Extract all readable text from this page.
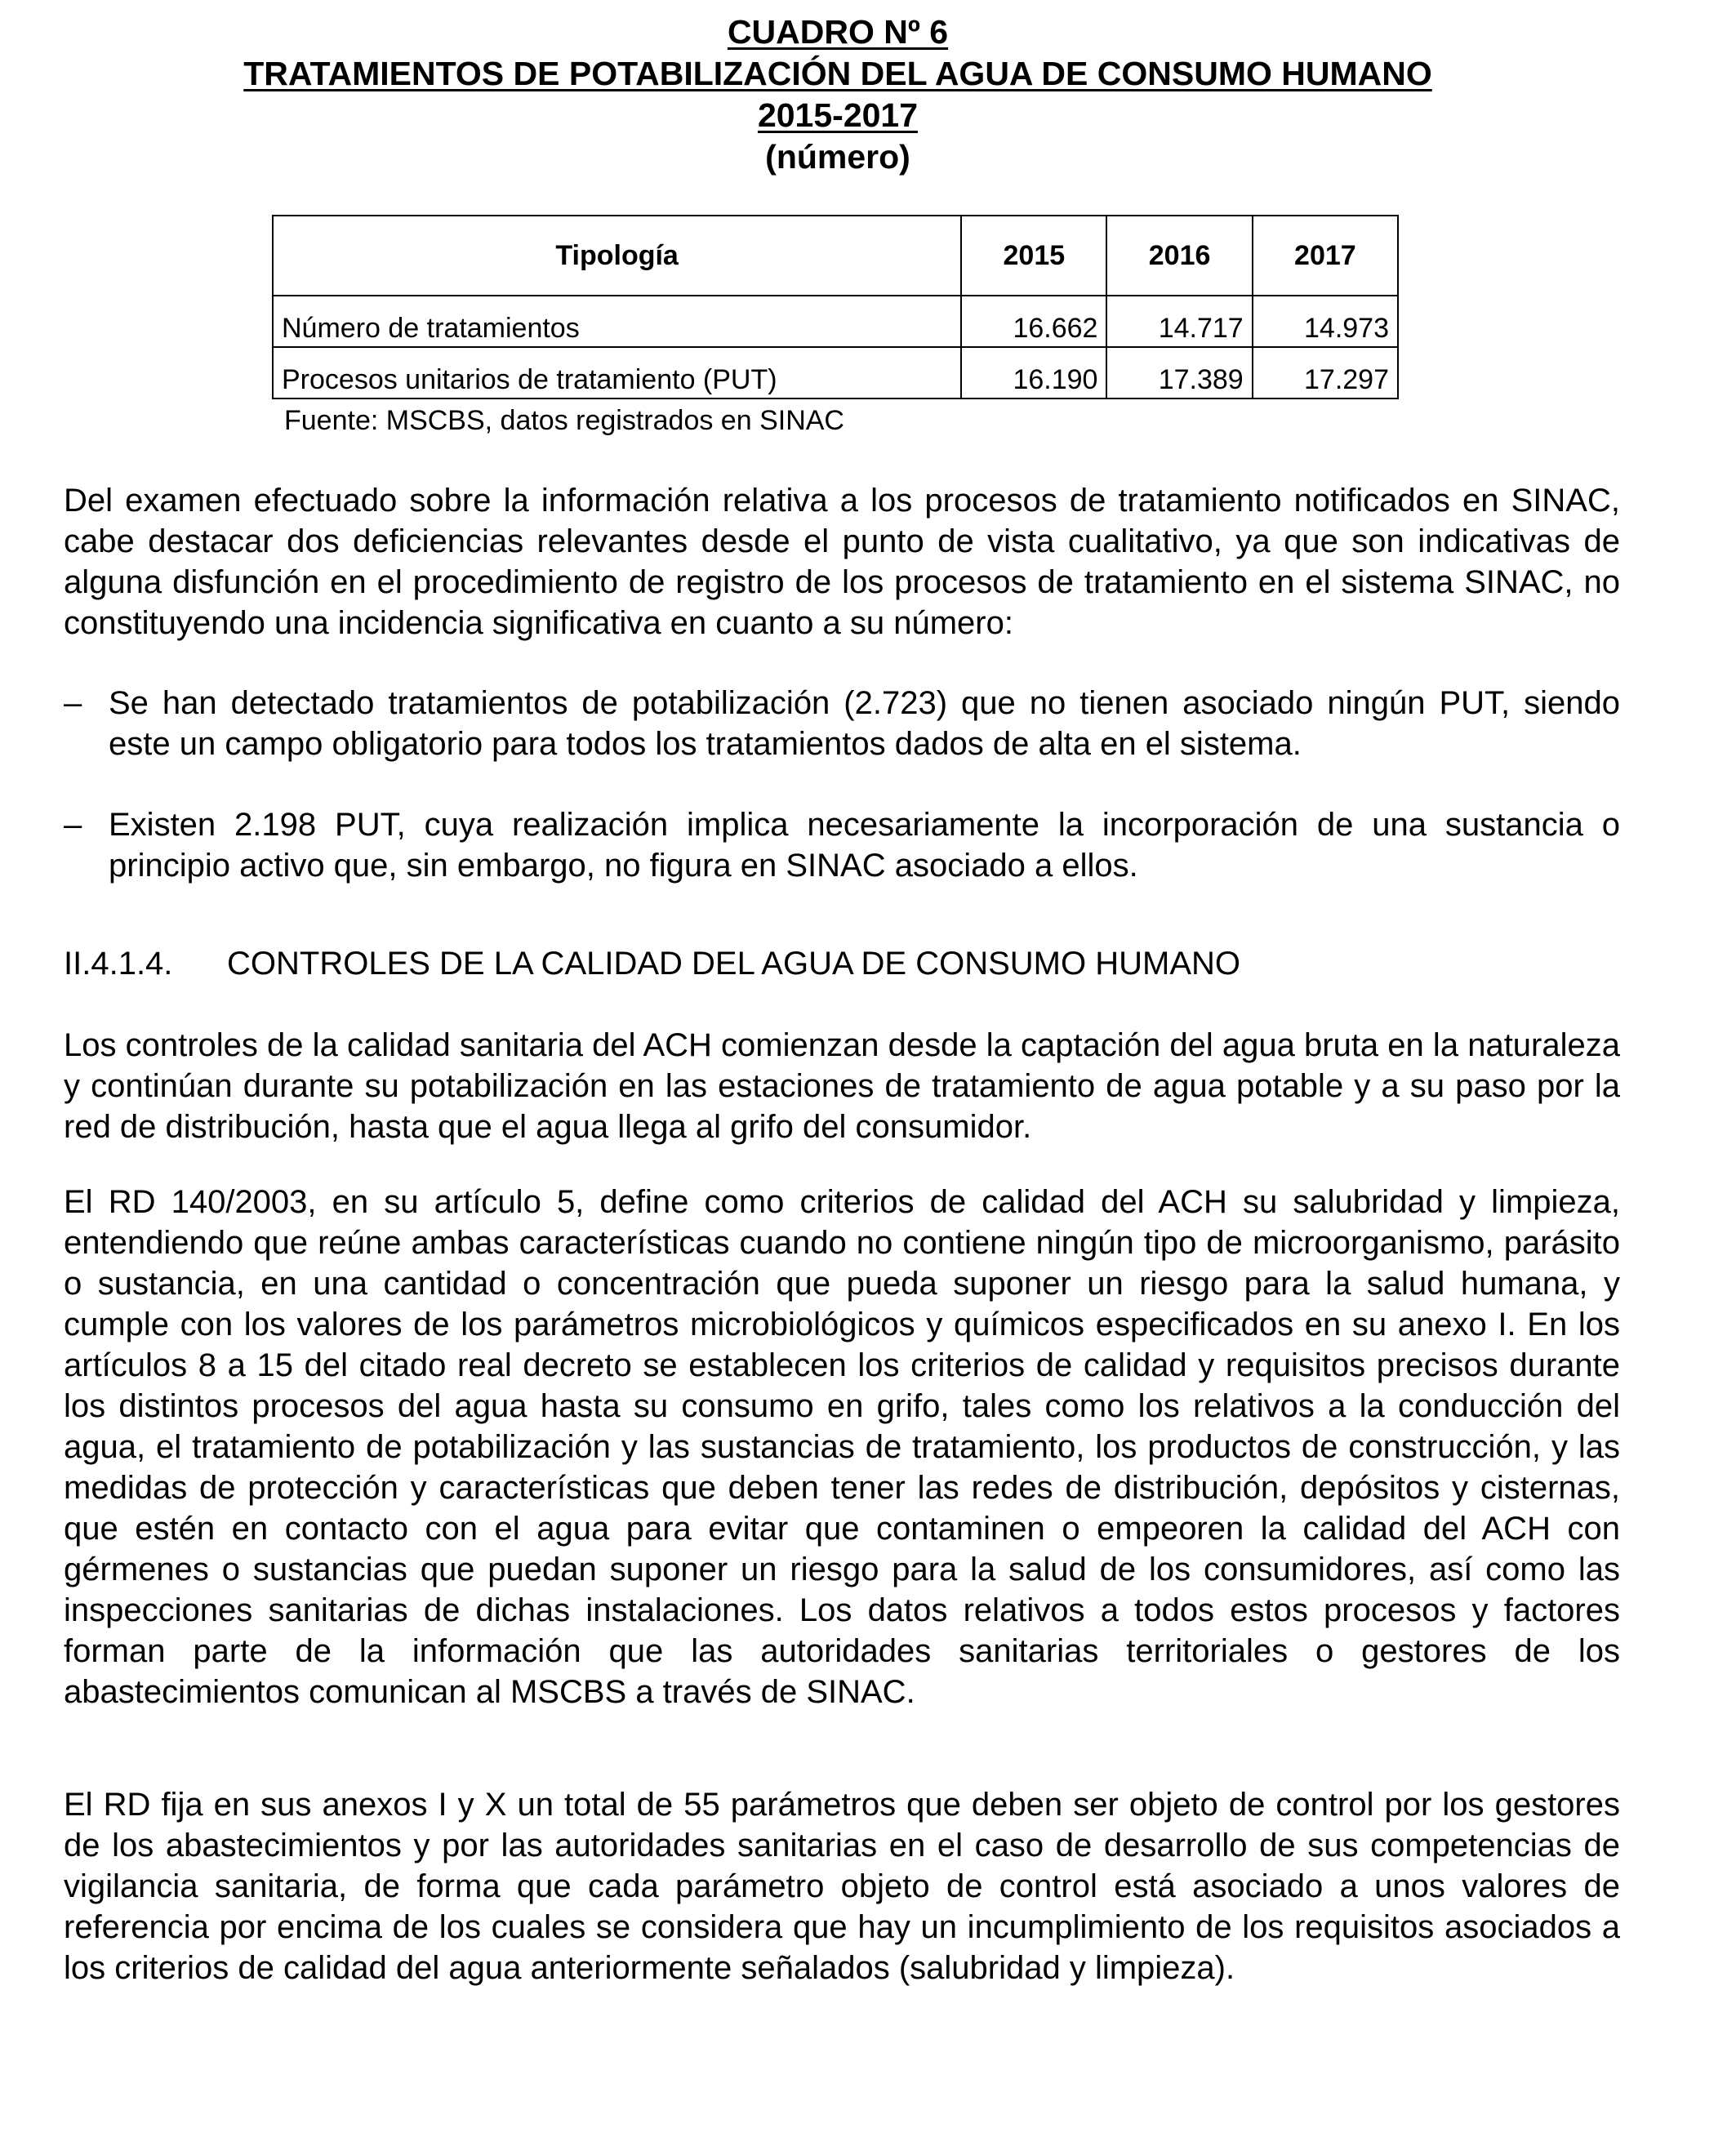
CUADRO Nº 6
TRATAMIENTOS DE POTABILIZACIÓN DEL AGUA DE CONSUMO HUMANO
2015-2017
(número)
Tipología	2015	2016	2017
Número de tratamientos	16.662	14.717	14.973
Procesos unitarios de tratamiento (PUT)	16.190	17.389	17.297
Fuente: MSCBS, datos registrados en SINAC

Del examen efectuado sobre la información relativa a los procesos de tratamiento notificados en SINAC, cabe destacar dos deficiencias relevantes desde el punto de vista cualitativo, ya que son indicativas de alguna disfunción en el procedimiento de registro de los procesos de tratamiento en el sistema SINAC, no constituyendo una incidencia significativa en cuanto a su número:

– Se han detectado tratamientos de potabilización (2.723) que no tienen asociado ningún PUT, siendo este un campo obligatorio para todos los tratamientos dados de alta en el sistema.
– Existen 2.198 PUT, cuya realización implica necesariamente la incorporación de una sustancia o principio activo que, sin embargo, no figura en SINAC asociado a ellos.
II.4.1.4. CONTROLES DE LA CALIDAD DEL AGUA DE CONSUMO HUMANO

Los controles de la calidad sanitaria del ACH comienzan desde la captación del agua bruta en la naturaleza y continúan durante su potabilización en las estaciones de tratamiento de agua potable y a su paso por la red de distribución, hasta que el agua llega al grifo del consumidor.

El RD 140/2003, en su artículo 5, define como criterios de calidad del ACH su salubridad y limpieza, entendiendo que reúne ambas características cuando no contiene ningún tipo de microorganismo, parásito o sustancia, en una cantidad o concentración que pueda suponer un riesgo para la salud humana, y cumple con los valores de los parámetros microbiológicos y químicos especificados en su anexo I. En los artículos 8 a 15 del citado real decreto se establecen los criterios de calidad y requisitos precisos durante los distintos procesos del agua hasta su consumo en grifo, tales como los relativos a la conducción del agua, el tratamiento de potabilización y las sustancias de tratamiento, los productos de construcción, y las medidas de protección y características que deben tener las redes de distribución, depósitos y cisternas, que estén en contacto con el agua para evitar que contaminen o empeoren la calidad del ACH con gérmenes o sustancias que puedan suponer un riesgo para la salud de los consumidores, así como las inspecciones sanitarias de dichas instalaciones. Los datos relativos a todos estos procesos y factores forman parte de la información que las autoridades sanitarias territoriales o gestores de los abastecimientos comunican al MSCBS a través de SINAC.

El RD fija en sus anexos I y X un total de 55 parámetros que deben ser objeto de control por los gestores de los abastecimientos y por las autoridades sanitarias en el caso de desarrollo de sus competencias de vigilancia sanitaria, de forma que cada parámetro objeto de control está asociado a unos valores de referencia por encima de los cuales se considera que hay un incumplimiento de los requisitos asociados a los criterios de calidad del agua anteriormente señalados (salubridad y limpieza).
